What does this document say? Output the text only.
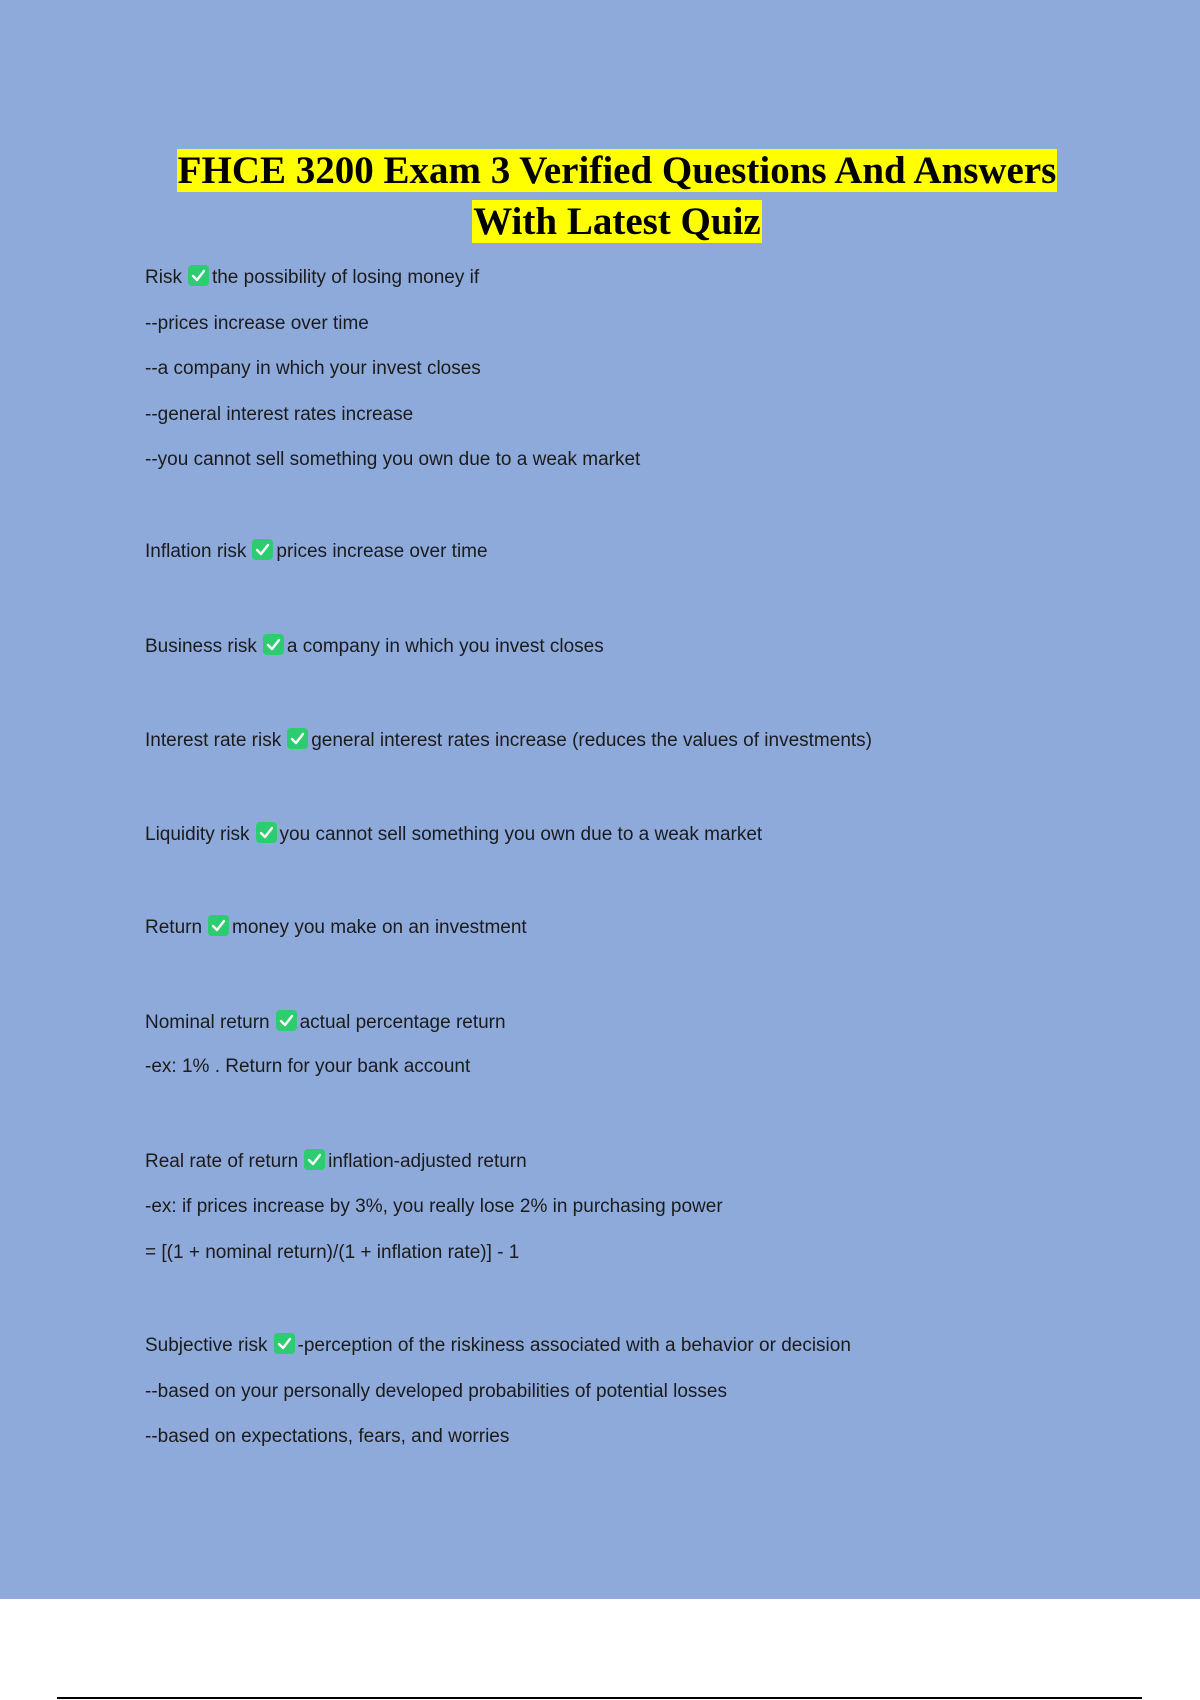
FHCE 3200 Exam 3 Verified Questions And Answers
With Latest Quiz
Risk the possibility of losing money if
--prices increase over time
--a company in which your invest closes
--general interest rates increase
--you cannot sell something you own due to a weak market
Inflation risk prices increase over time
Business risk a company in which you invest closes
Interest rate risk general interest rates increase (reduces the values of investments)
Liquidity risk you cannot sell something you own due to a weak market
Return money you make on an investment
Nominal return actual percentage return
-ex: 1% . Return for your bank account
Real rate of return inflation-adjusted return
-ex: if prices increase by 3%, you really lose 2% in purchasing power
= [(1 + nominal return)/(1 + inflation rate)] - 1
Subjective risk -perception of the riskiness associated with a behavior or decision
--based on your personally developed probabilities of potential losses
--based on expectations, fears, and worries
